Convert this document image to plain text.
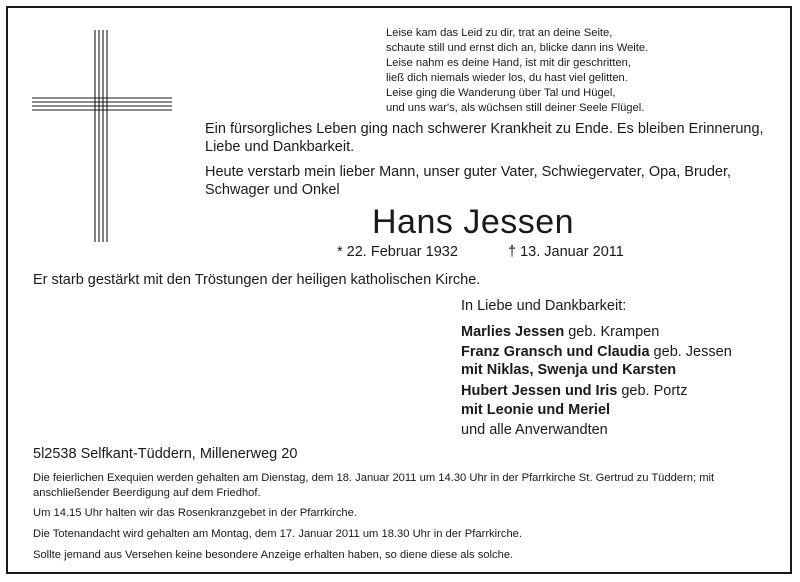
Leise kam das Leid zu dir, trat an deine Seite,
schaute still und ernst dich an, blicke dann ins Weite.
Leise nahm es deine Hand, ist mit dir geschritten,
ließ dich niemals wieder los, du hast viel gelitten.
Leise ging die Wanderung über Tal und Hügel,
und uns war's, als wüchsen still deiner Seele Flügel.
Ein fürsorgliches Leben ging nach schwerer Krankheit zu Ende. Es bleiben Erinnerung, Liebe und Dankbarkeit.
Heute verstarb mein lieber Mann, unser guter Vater, Schwiegervater, Opa, Bruder, Schwager und Onkel
Hans Jessen
* 22. Februar 1932	† 13. Januar 2011
Er starb gestärkt mit den Tröstungen der heiligen katholischen Kirche.
In Liebe und Dankbarkeit:
Marlies Jessen geb. Krampen
Franz Gransch und Claudia geb. Jessen
mit Niklas, Swenja und Karsten
Hubert Jessen und Iris geb. Portz
mit Leonie und Meriel
und alle Anverwandten
5l2538 Selfkant-Tüddern, Millenerweg 20
Die feierlichen Exequien werden gehalten am Dienstag, dem 18. Januar 2011 um 14.30 Uhr in der Pfarrkirche St. Gertrud zu Tüddern; mit anschließender Beerdigung auf dem Friedhof.
Um 14.15 Uhr halten wir das Rosenkranzgebet in der Pfarrkirche.
Die Totenandacht wird gehalten am Montag, dem 17. Januar 2011 um 18.30 Uhr in der Pfarrkirche.
Sollte jemand aus Versehen keine besondere Anzeige erhalten haben, so diene diese als solche.
